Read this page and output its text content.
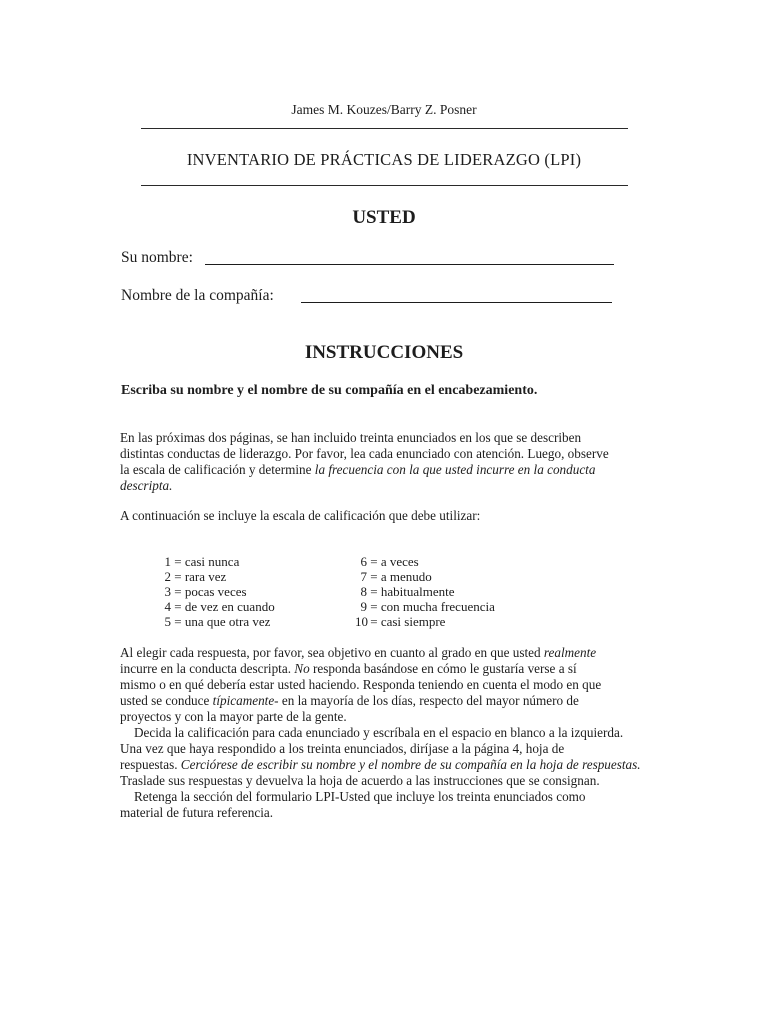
James M. Kouzes/Barry Z. Posner
INVENTARIO DE PRÁCTICAS DE LIDERAZGO (LPI)
USTED
Su nombre:
Nombre de la compañía:
INSTRUCCIONES
Escriba su nombre y el nombre de su compañía en el encabezamiento.
En las próximas dos páginas, se han incluido treinta enunciados en los que se describen
distintas conductas de liderazgo. Por favor, lea cada enunciado con atención. Luego, observe
la escala de calificación y determine la frecuencia con la que usted incurre en la conducta
descripta.
A continuación se incluye la escala de calificación que debe utilizar:
1 = casi nunca
2 = rara vez
3 = pocas veces
4 = de vez en cuando
5 = una que otra vez
6 = a veces
7 = a menudo
8 = habitualmente
9 = con mucha frecuencia
10 = casi siempre
Al elegir cada respuesta, por favor, sea objetivo en cuanto al grado en que usted realmente
incurre en la conducta descripta. No responda basándose en cómo le gustaría verse a sí
mismo o en qué debería estar usted haciendo. Responda teniendo en cuenta el modo en que
usted se conduce típicamente- en la mayoría de los días, respecto del mayor número de
proyectos y con la mayor parte de la gente.
Decida la calificación para cada enunciado y escríbala en el espacio en blanco a la izquierda.
Una vez que haya respondido a los treinta enunciados, diríjase a la página 4, hoja de
respuestas. Cerciórese de escribir su nombre y el nombre de su compañía en la hoja de respuestas.
Traslade sus respuestas y devuelva la hoja de acuerdo a las instrucciones que se consignan.
Retenga la sección del formulario LPI-Usted que incluye los treinta enunciados como
material de futura referencia.
